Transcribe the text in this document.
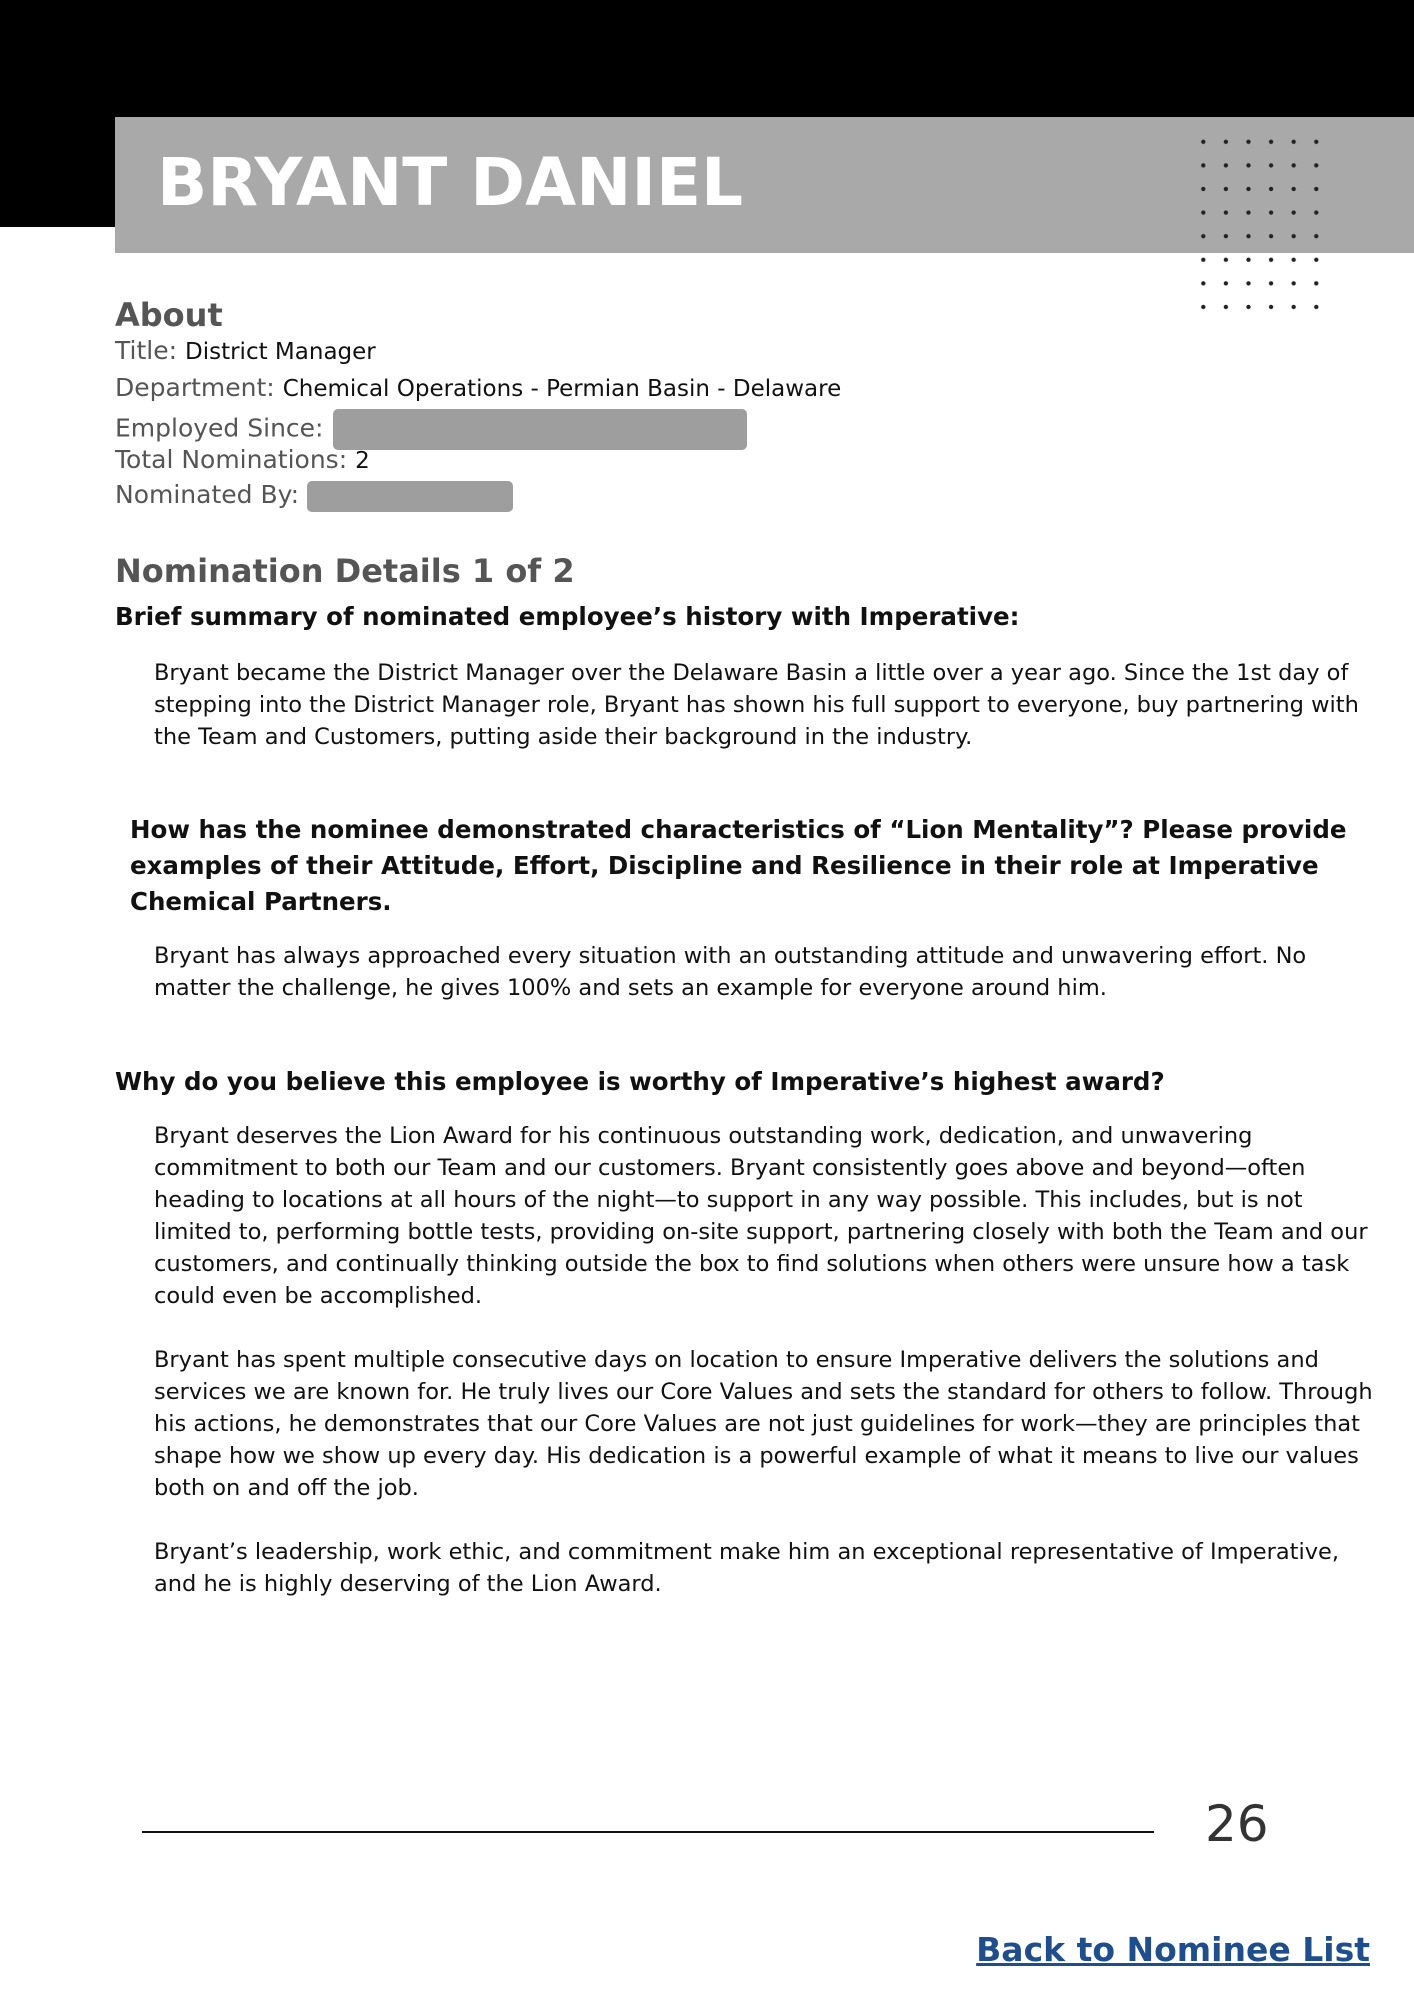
BRYANT DANIEL
About
Title: District Manager
Department: Chemical Operations - Permian Basin - Delaware
Employed Since:
Total Nominations: 2
Nominated By:
Nomination Details 1 of 2

Brief summary of nominated employee’s history with Imperative:

Bryant became the District Manager over the Delaware Basin a little over a year ago. Since the 1st day of stepping into the District Manager role, Bryant has shown his full support to everyone, buy partnering with the Team and Customers, putting aside their background in the industry.

How has the nominee demonstrated characteristics of “Lion Mentality”? Please provide examples of their Attitude, Effort, Discipline and Resilience in their role at Imperative Chemical Partners.

Bryant has always approached every situation with an outstanding attitude and unwavering effort. No matter the challenge, he gives 100% and sets an example for everyone around him.

Why do you believe this employee is worthy of Imperative’s highest award?

Bryant deserves the Lion Award for his continuous outstanding work, dedication, and unwavering commitment to both our Team and our customers. Bryant consistently goes above and beyond—often heading to locations at all hours of the night—to support in any way possible. This includes, but is not limited to, performing bottle tests, providing on-site support, partnering closely with both the Team and our customers, and continually thinking outside the box to find solutions when others were unsure how a task could even be accomplished.

Bryant has spent multiple consecutive days on location to ensure Imperative delivers the solutions and services we are known for. He truly lives our Core Values and sets the standard for others to follow. Through his actions, he demonstrates that our Core Values are not just guidelines for work—they are principles that shape how we show up every day. His dedication is a powerful example of what it means to live our values both on and off the job.

Bryant’s leadership, work ethic, and commitment make him an exceptional representative of Imperative, and he is highly deserving of the Lion Award.

26
Back to Nominee List
